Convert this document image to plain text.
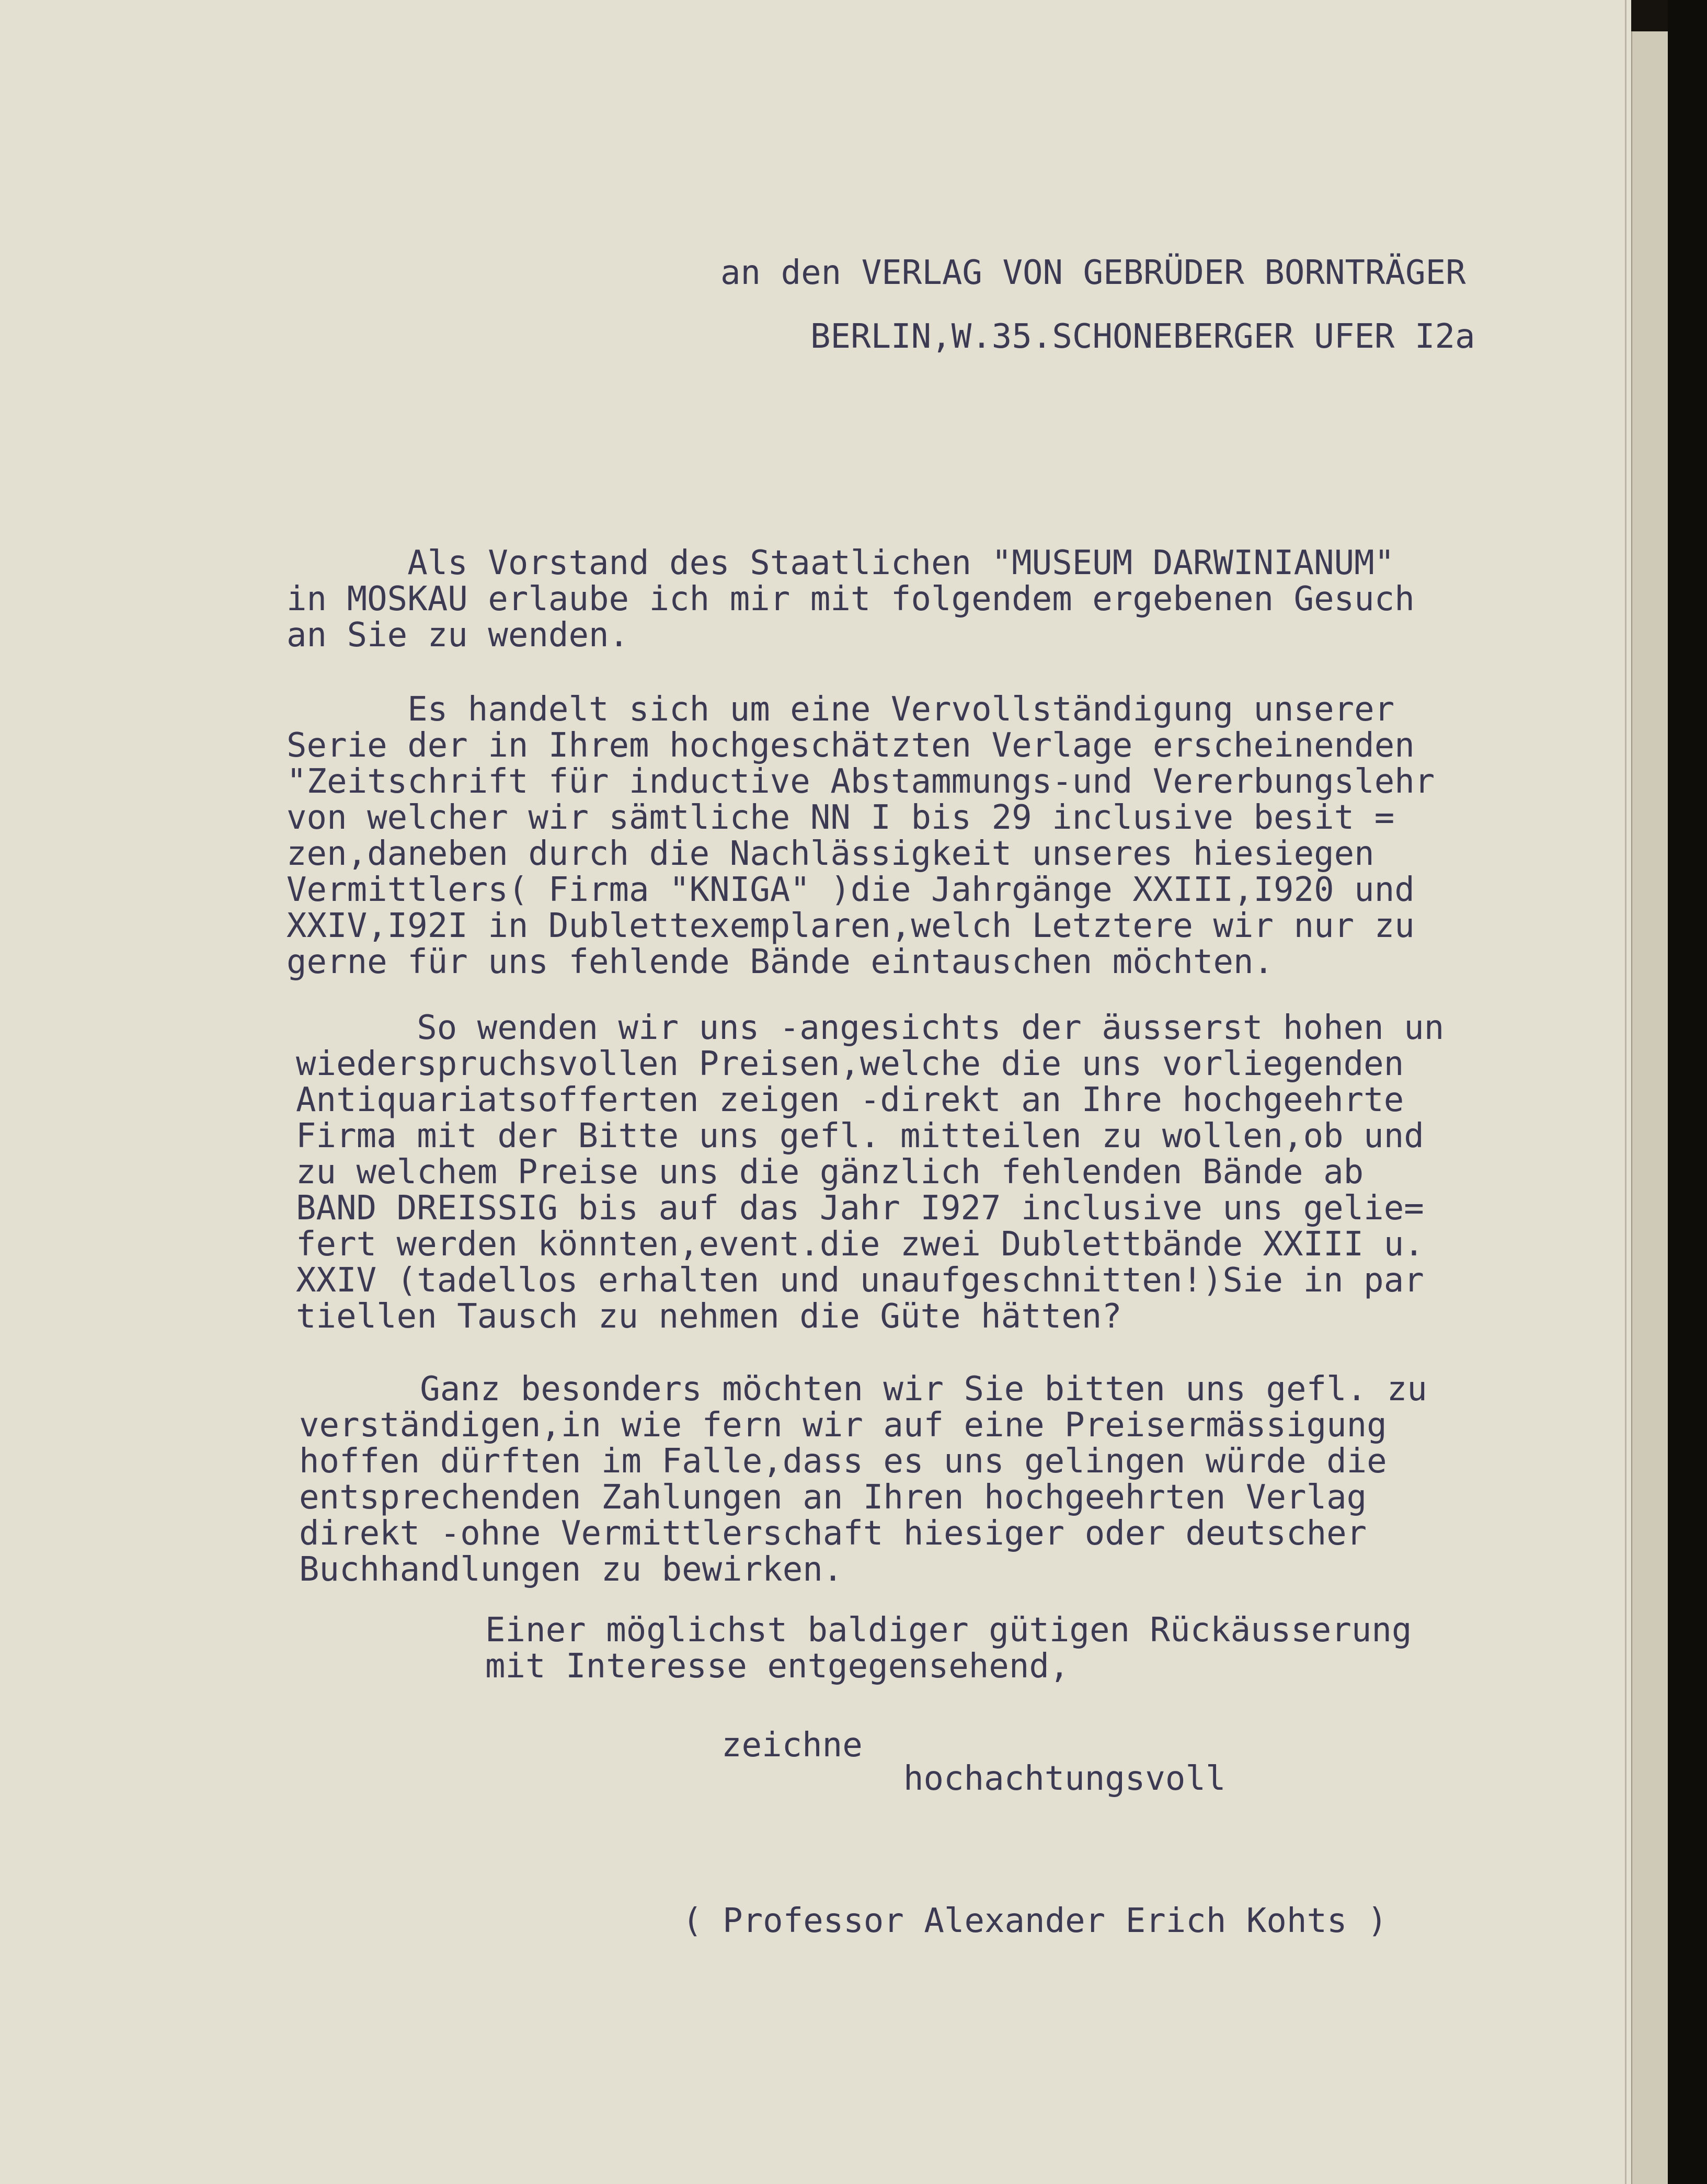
an den VERLAG VON GEBRÜDER BORNTRÄGER

BERLIN,W.35.SCHONEBERGER UFER I2a

Als Vorstand des Staatlichen "MUSEUM DARWINIANUM"
in MOSKAU erlaube ich mir mit folgendem ergebenen Gesuch
an Sie zu wenden.

Es handelt sich um eine Vervollständigung unserer
Serie der in Ihrem hochgeschätzten Verlage erscheinenden
"Zeitschrift für inductive Abstammungs-und Vererbungslehr
von welcher wir sämtliche NN I bis 29 inclusive besit =
zen,daneben durch die Nachlässigkeit unseres hiesiegen
Vermittlers( Firma "KNIGA" )die Jahrgänge XXIII,I920 und
XXIV,I92I in Dublettexemplaren,welch Letztere wir nur zu
gerne für uns fehlende Bände eintauschen möchten.

So wenden wir uns -angesichts der äusserst hohen un
wiederspruchsvollen Preisen,welche die uns vorliegenden
Antiquariatsofferten zeigen -direkt an Ihre hochgeehrte
Firma mit der Bitte uns gefl. mitteilen zu wollen,ob und
zu welchem Preise uns die gänzlich fehlenden Bände ab
BAND DREISSIG bis auf das Jahr I927 inclusive uns gelie=
fert werden könnten,event.die zwei Dublettbände XXIII u.
XXIV (tadellos erhalten und unaufgeschnitten!)Sie in par
tiellen Tausch zu nehmen die Güte hätten?

Ganz besonders möchten wir Sie bitten uns gefl. zu
verständigen,in wie fern wir auf eine Preisermässigung
hoffen dürften im Falle,dass es uns gelingen würde die
entsprechenden Zahlungen an Ihren hochgeehrten Verlag
direkt -ohne Vermittlerschaft hiesiger oder deutscher
Buchhandlungen zu bewirken.

Einer möglichst baldiger gütigen Rückäusserung
mit Interesse entgegensehend,

zeichne

hochachtungsvoll

( Professor Alexander Erich Kohts )
